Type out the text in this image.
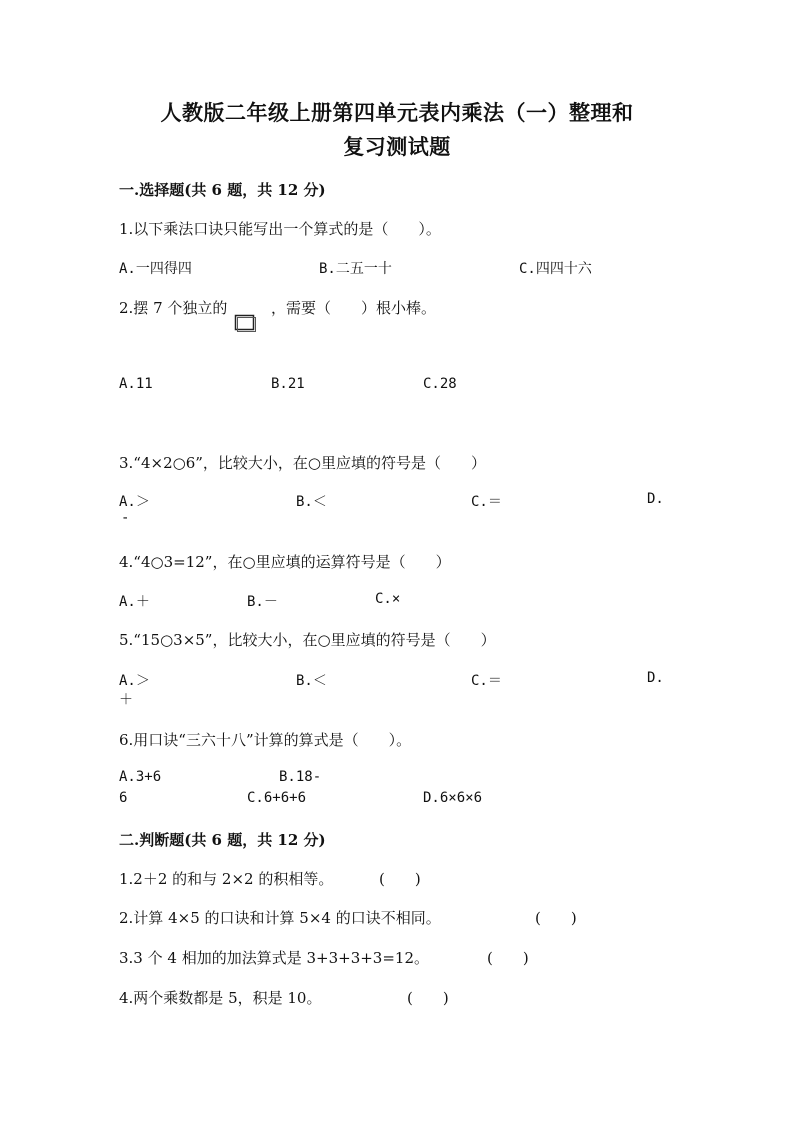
人教版二年级上册第四单元表内乘法（一）整理和
复习测试题
一.选择题(共 6 题，共 12 分)
1.以下乘法口诀只能写出一个算式的是（　　）。
A.一四得四	B.二五一十	C.四四十六
2.摆 7 个独立的	，需要（　　）根小棒。
A.11	B.21	C.28
3.“4×2○6”，比较大小，在○里应填的符号是（　　）
A.＞	B.＜	C.＝	D.
-
4.“4○3=12”，在○里应填的运算符号是（　　）
A.＋	B.－	C.×
5.“15○3×5”，比较大小，在○里应填的符号是（　　）
A.＞	B.＜	C.＝	D.
＋
6.用口诀“三六十八”计算的算式是（　　）。
A.3+6	B.18-
6	C.6+6+6	D.6×6×6
二.判断题(共 6 题，共 12 分)
1.2＋2 的和与 2×2 的积相等。	(　　)
2.计算 4×5 的口诀和计算 5×4 的口诀不相同。	(　　)
3.3 个 4 相加的加法算式是 3+3+3+3=12。	(　　)
4.两个乘数都是 5，积是 10。	(　　)
